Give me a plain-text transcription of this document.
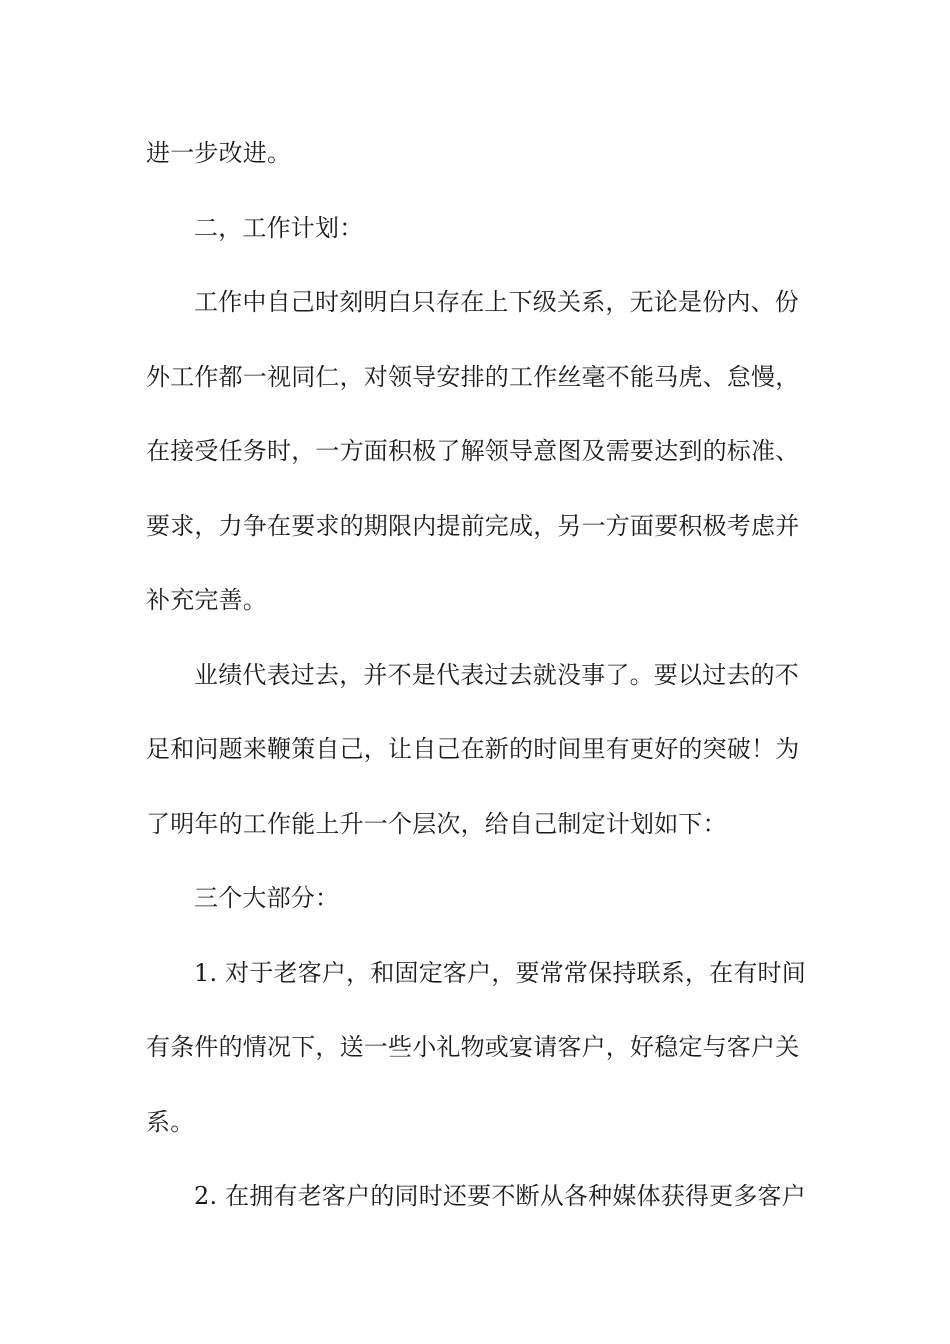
进一步改进。
二，工作计划：
工作中自己时刻明白只存在上下级关系，无论是份内、份
外工作都一视同仁，对领导安排的工作丝毫不能马虎、怠慢，
在接受任务时，一方面积极了解领导意图及需要达到的标准、
要求，力争在要求的期限内提前完成，另一方面要积极考虑并
补充完善。
业绩代表过去，并不是代表过去就没事了。要以过去的不
足和问题来鞭策自己，让自己在新的时间里有更好的突破！为
了明年的工作能上升一个层次，给自己制定计划如下：
三个大部分：
1. 对于老客户，和固定客户，要常常保持联系，在有时间
有条件的情况下，送一些小礼物或宴请客户，好稳定与客户关
系。
2. 在拥有老客户的同时还要不断从各种媒体获得更多客户
